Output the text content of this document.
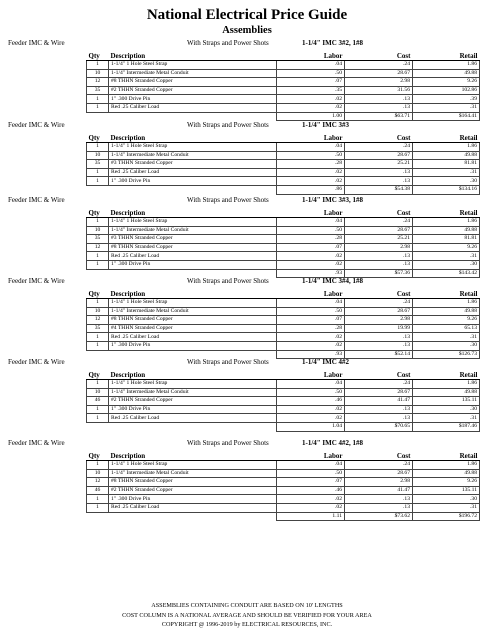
National Electrical Price Guide
Assemblies
Feeder IMC & Wire	With Straps and Power Shots	1-1/4" IMC 3#2, 1#8
Qty	Description	Labor	Cost	Retail
1	1-1/4" 1 Hole Steel Strap	.04	.24	1.86
10	1-1/4" Intermediate Metal Conduit	.50	28.67	49.88
12	#8 THHN Stranded Copper	.07	2.98	9.26
35	#2 THHN Stranded Copper	.35	31.56	102.86
1	1" .300 Drive Pin	.02	.13	.39
1	Red .25 Caliber Load	.02	.13	.31
		1.00	$63.71	$164.41
Feeder IMC & Wire	With Straps and Power Shots	1-1/4" IMC 3#3
Qty	Description	Labor	Cost	Retail
1	1-1/4" 1 Hole Steel Strap	.04	.24	1.86
10	1-1/4" Intermediate Metal Conduit	.50	28.67	49.88
35	#3 THHN Stranded Copper	.28	25.21	81.81
1	Red .25 Caliber Load	.02	.13	.31
1	1" .300 Drive Pin	.02	.13	.30
		.86	$54.38	$134.16
Feeder IMC & Wire	With Straps and Power Shots	1-1/4" IMC 3#3, 1#8
Qty	Description	Labor	Cost	Retail
1	1-1/4" 1 Hole Steel Strap	.04	.24	1.86
10	1-1/4" Intermediate Metal Conduit	.50	28.67	49.88
35	#3 THHN Stranded Copper	.28	25.21	81.81
12	#8 THHN Stranded Copper	.07	2.98	9.26
1	Red .25 Caliber Load	.02	.13	.31
1	1" .300 Drive Pin	.02	.13	.30
		.93	$57.36	$143.42
Feeder IMC & Wire	With Straps and Power Shots	1-1/4" IMC 3#4, 1#8
Qty	Description	Labor	Cost	Retail
1	1-1/4" 1 Hole Steel Strap	.04	.24	1.86
10	1-1/4" Intermediate Metal Conduit	.50	28.67	49.88
12	#8 THHN Stranded Copper	.07	2.98	9.26
35	#4 THHN Stranded Copper	.28	19.99	65.13
1	Red .25 Caliber Load	.02	.13	.31
1	1" .300 Drive Pin	.02	.13	.30
		.93	$52.14	$126.73
Feeder IMC & Wire	With Straps and Power Shots	1-1/4" IMC 4#2
Qty	Description	Labor	Cost	Retail
1	1-1/4" 1 Hole Steel Strap	.04	.24	1.86
10	1-1/4" Intermediate Metal Conduit	.50	28.67	49.88
46	#2 THHN Stranded Copper	.46	41.47	135.11
1	1" .300 Drive Pin	.02	.13	.30
1	Red .25 Caliber Load	.02	.13	.31
		1.04	$70.65	$187.46
Feeder IMC & Wire	With Straps and Power Shots	1-1/4" IMC 4#2, 1#8
Qty	Description	Labor	Cost	Retail
1	1-1/4" 1 Hole Steel Strap	.04	.24	1.86
10	1-1/4" Intermediate Metal Conduit	.50	28.67	49.88
12	#8 THHN Stranded Copper	.07	2.98	9.26
46	#2 THHN Stranded Copper	.46	41.47	135.11
1	1" .300 Drive Pin	.02	.13	.30
1	Red .25 Caliber Load	.02	.13	.31
		1.11	$73.62	$196.72
ASSEMBLIES CONTAINING CONDUIT ARE BASED ON 10' LENGTHS
COST COLUMN IS A NATIONAL AVERAGE AND SHOULD BE VERIFIED FOR YOUR AREA
COPYRIGHT @ 1996-2019 by ELECTRICAL RESOURCES, INC.
